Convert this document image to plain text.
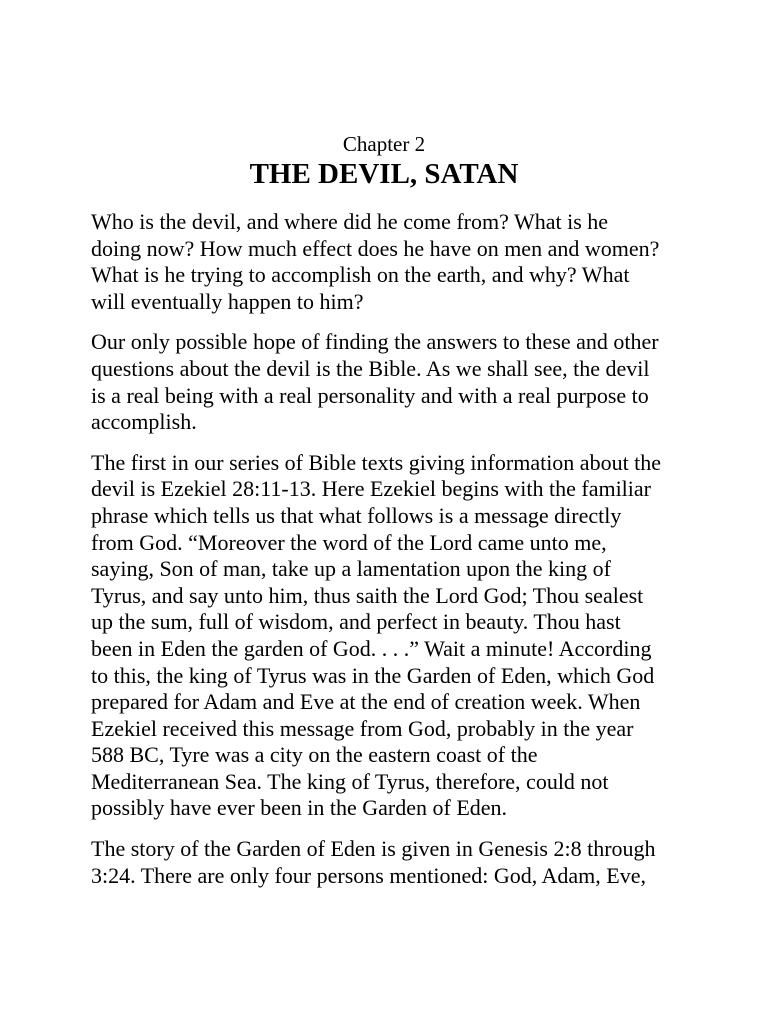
Chapter 2
THE DEVIL, SATAN

Who is the devil, and where did he come from? What is he
doing now? How much effect does he have on men and women?
What is he trying to accomplish on the earth, and why? What
will eventually happen to him?

Our only possible hope of finding the answers to these and other
questions about the devil is the Bible. As we shall see, the devil
is a real being with a real personality and with a real purpose to
accomplish.

The first in our series of Bible texts giving information about the
devil is Ezekiel 28:11-13. Here Ezekiel begins with the familiar
phrase which tells us that what follows is a message directly
from God. “Moreover the word of the Lord came unto me,
saying, Son of man, take up a lamentation upon the king of
Tyrus, and say unto him, thus saith the Lord God; Thou sealest
up the sum, full of wisdom, and perfect in beauty. Thou hast
been in Eden the garden of God. . . .” Wait a minute! According
to this, the king of Tyrus was in the Garden of Eden, which God
prepared for Adam and Eve at the end of creation week. When
Ezekiel received this message from God, probably in the year
588 BC, Tyre was a city on the eastern coast of the
Mediterranean Sea. The king of Tyrus, therefore, could not
possibly have ever been in the Garden of Eden.

The story of the Garden of Eden is given in Genesis 2:8 through
3:24. There are only four persons mentioned: God, Adam, Eve,
